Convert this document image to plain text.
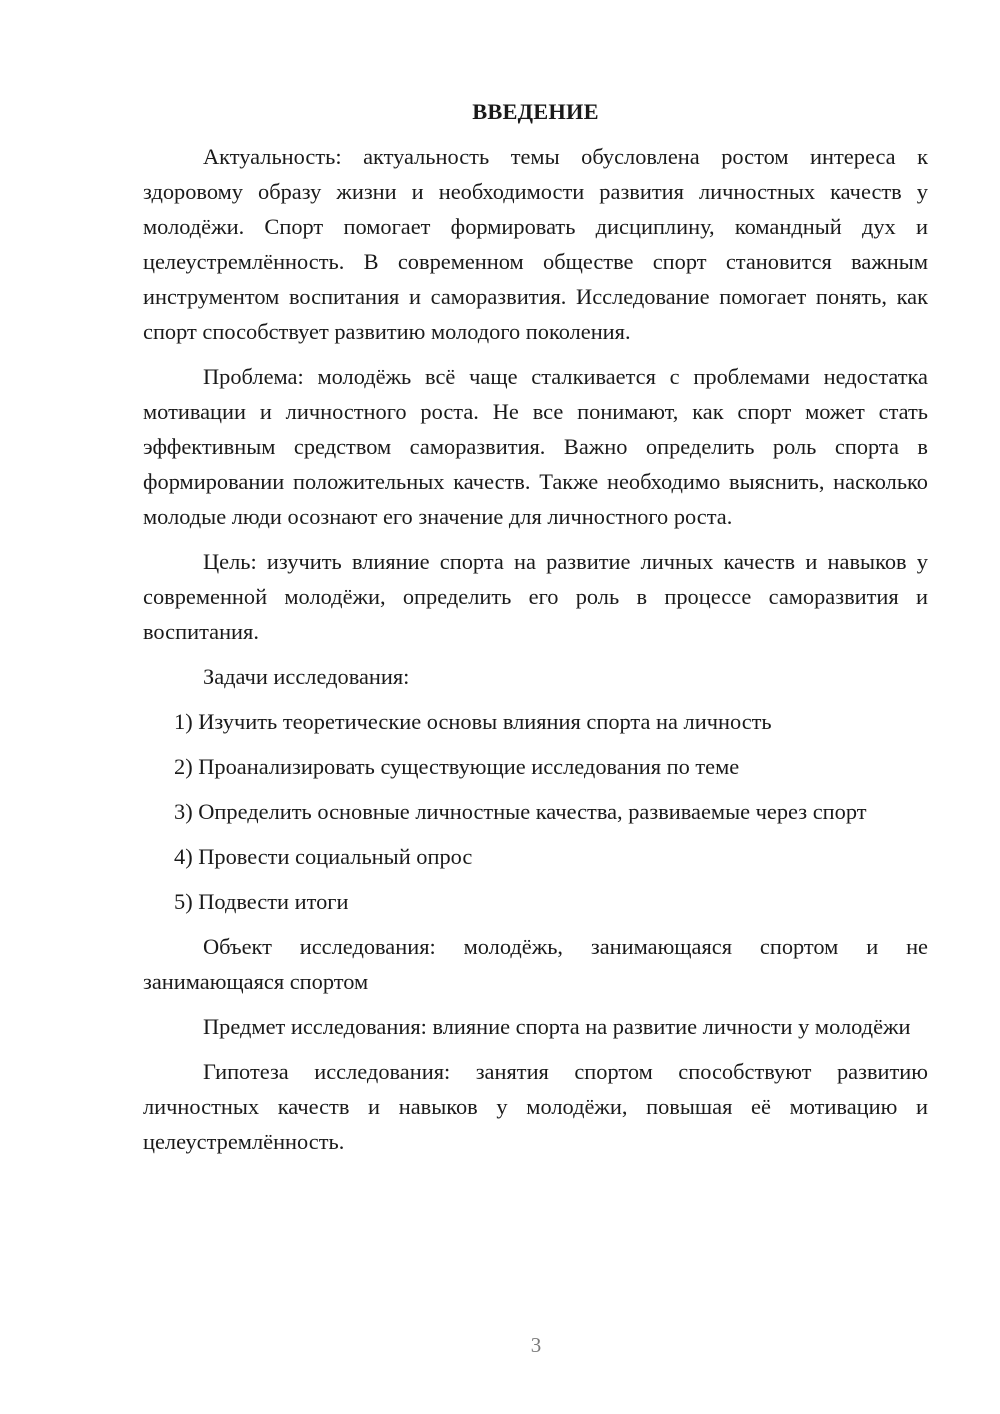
ВВЕДЕНИЕ

Актуальность: актуальность темы обусловлена ростом интереса к здоровому образу жизни и необходимости развития личностных качеств у молодёжи. Спорт помогает формировать дисциплину, командный дух и целеустремлённость. В современном обществе спорт становится важным инструментом воспитания и саморазвития. Исследование помогает понять, как спорт способствует развитию молодого поколения.

Проблема: молодёжь всё чаще сталкивается с проблемами недостатка мотивации и личностного роста. Не все понимают, как спорт может стать эффективным средством саморазвития. Важно определить роль спорта в формировании положительных качеств. Также необходимо выяснить, насколько молодые люди осознают его значение для личностного роста.

Цель: изучить влияние спорта на развитие личных качеств и навыков у современной молодёжи, определить его роль в процессе саморазвития и воспитания.

Задачи исследования:

1) Изучить теоретические основы влияния спорта на личность

2) Проанализировать существующие исследования по теме

3) Определить основные личностные качества, развиваемые через спорт

4) Провести социальный опрос

5) Подвести итоги

Объект исследования: молодёжь, занимающаяся спортом и не занимающаяся спортом

Предмет исследования: влияние спорта на развитие личности у молодёжи

Гипотеза исследования: занятия спортом способствуют развитию личностных качеств и навыков у молодёжи, повышая её мотивацию и целеустремлённость.

3
